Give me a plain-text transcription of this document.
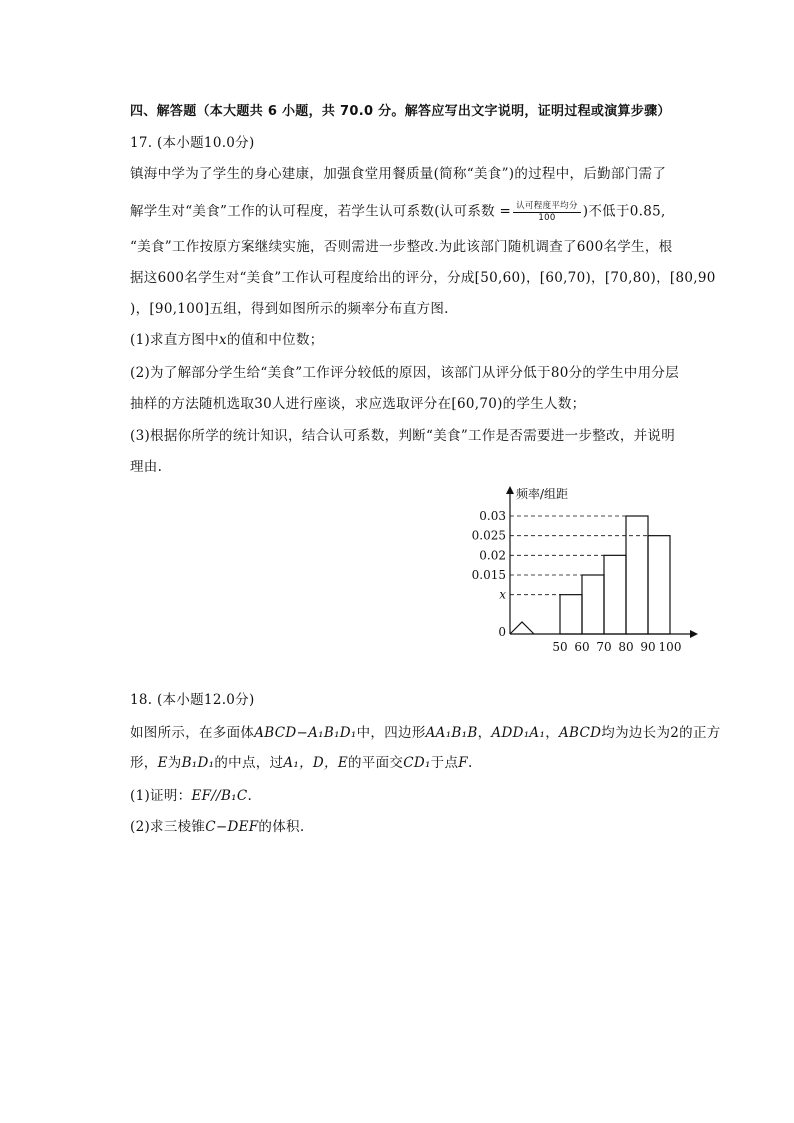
四、解答题（本大题共 6 小题，共 70.0 分。解答应写出文字说明，证明过程或演算步骤）
17. (本小题10.0分)
镇海中学为了学生的身心建康，加强食堂用餐质量(简称“美食”)的过程中，后勤部门需了
解学生对“美食”工作的认可程度，若学生认可系数(认可系数 = $\frac{\text{认可程度平均分}}{100}$ )不低于0.85,
“美食”工作按原方案继续实施，否则需进一步整改.为此该部门随机调查了600名学生，根
据这600名学生对“美食”工作认可程度给出的评分，分成[50,60)，[60,70)，[70,80)，[80,90
)，[90,100]五组，得到如图所示的频率分布直方图.
(1)求直方图中x的值和中位数；
(2)为了解部分学生给“美食”工作评分较低的原因，该部门从评分低于80分的学生中用分层
抽样的方法随机选取30人进行座谈，求应选取评分在[60,70)的学生人数；
(3)根据你所学的统计知识，结合认可系数，判断“美食”工作是否需要进一步整改，并说明
理由.
0
x
0.015
0.02
0.025
0.03
50 60 70 80 90 100
频率/组距
18. (本小题12.0分)
如图所示，在多面体ABCD−A₁B₁D₁中，四边形AA₁B₁B，ADD₁A₁，ABCD均为边长为2的正方
形，E为B₁D₁的中点，过A₁，D，E的平面交CD₁于点F.
(1)证明：EF//B₁C.
(2)求三棱锥C−DEF的体积.
